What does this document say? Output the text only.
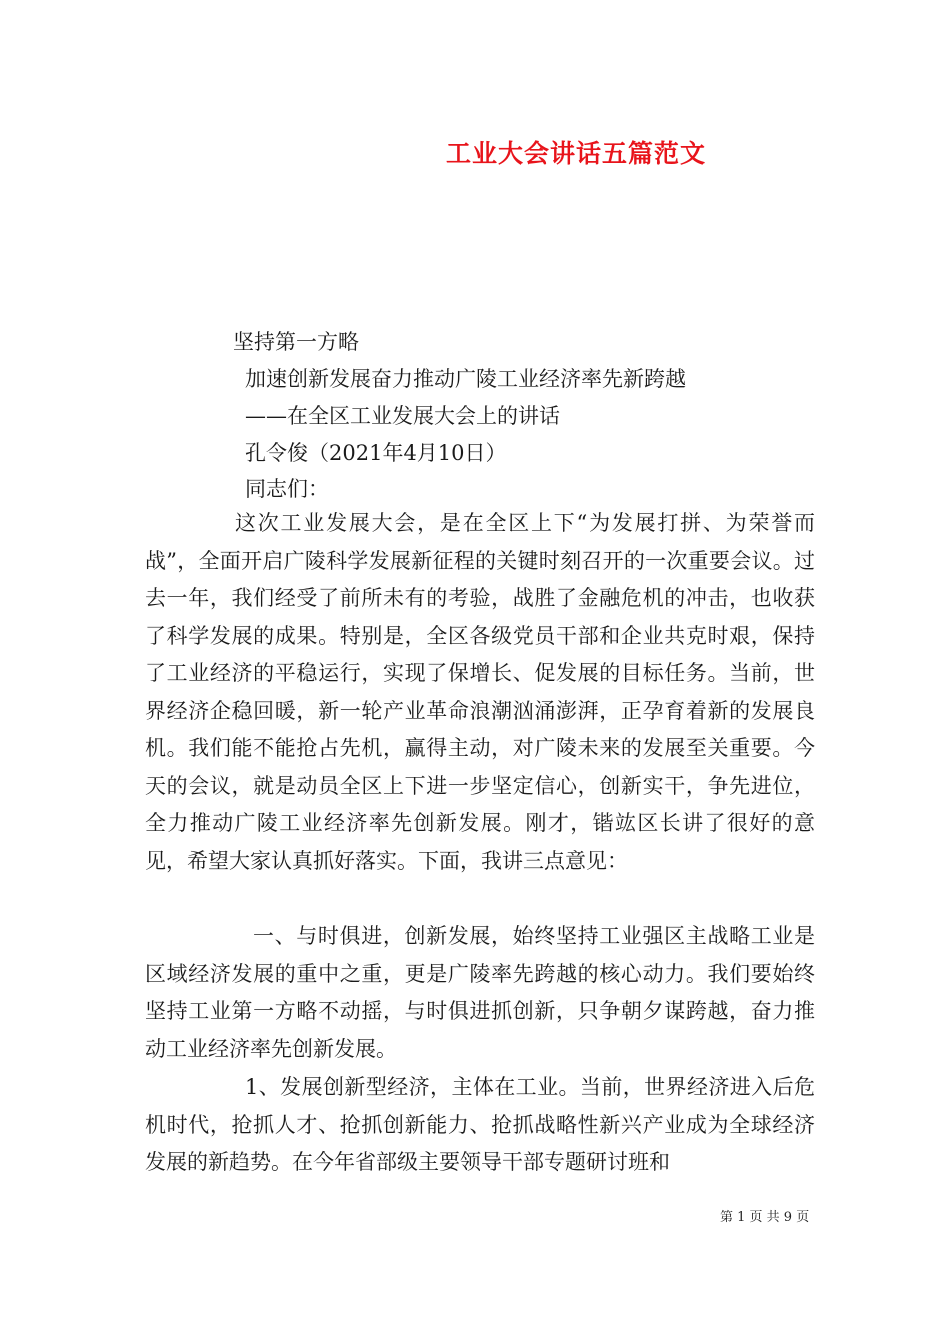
工业大会讲话五篇范文

坚持第一方略

加速创新发展奋力推动广陵工业经济率先新跨越

——在全区工业发展大会上的讲话

孔令俊（2021年4月10日）

同志们：

这次工业发展大会，是在全区上下“为发展打拼、为荣誉而战”，全面开启广陵科学发展新征程的关键时刻召开的一次重要会议。过去一年，我们经受了前所未有的考验，战胜了金融危机的冲击，也收获了科学发展的成果。特别是，全区各级党员干部和企业共克时艰，保持了工业经济的平稳运行，实现了保增长、促发展的目标任务。当前，世界经济企稳回暖，新一轮产业革命浪潮汹涌澎湃，正孕育着新的发展良机。我们能不能抢占先机，赢得主动，对广陵未来的发展至关重要。今天的会议，就是动员全区上下进一步坚定信心，创新实干，争先进位，全力推动广陵工业经济率先创新发展。刚才，锴竑区长讲了很好的意见，希望大家认真抓好落实。下面，我讲三点意见：

一、与时俱进，创新发展，始终坚持工业强区主战略工业是区域经济发展的重中之重，更是广陵率先跨越的核心动力。我们要始终坚持工业第一方略不动摇，与时俱进抓创新，只争朝夕谋跨越，奋力推动工业经济率先创新发展。

1、发展创新型经济，主体在工业。当前，世界经济进入后危机时代，抢抓人才、抢抓创新能力、抢抓战略性新兴产业成为全球经济发展的新趋势。在今年省部级主要领导干部专题研讨班和

第 1 页 共 9 页
